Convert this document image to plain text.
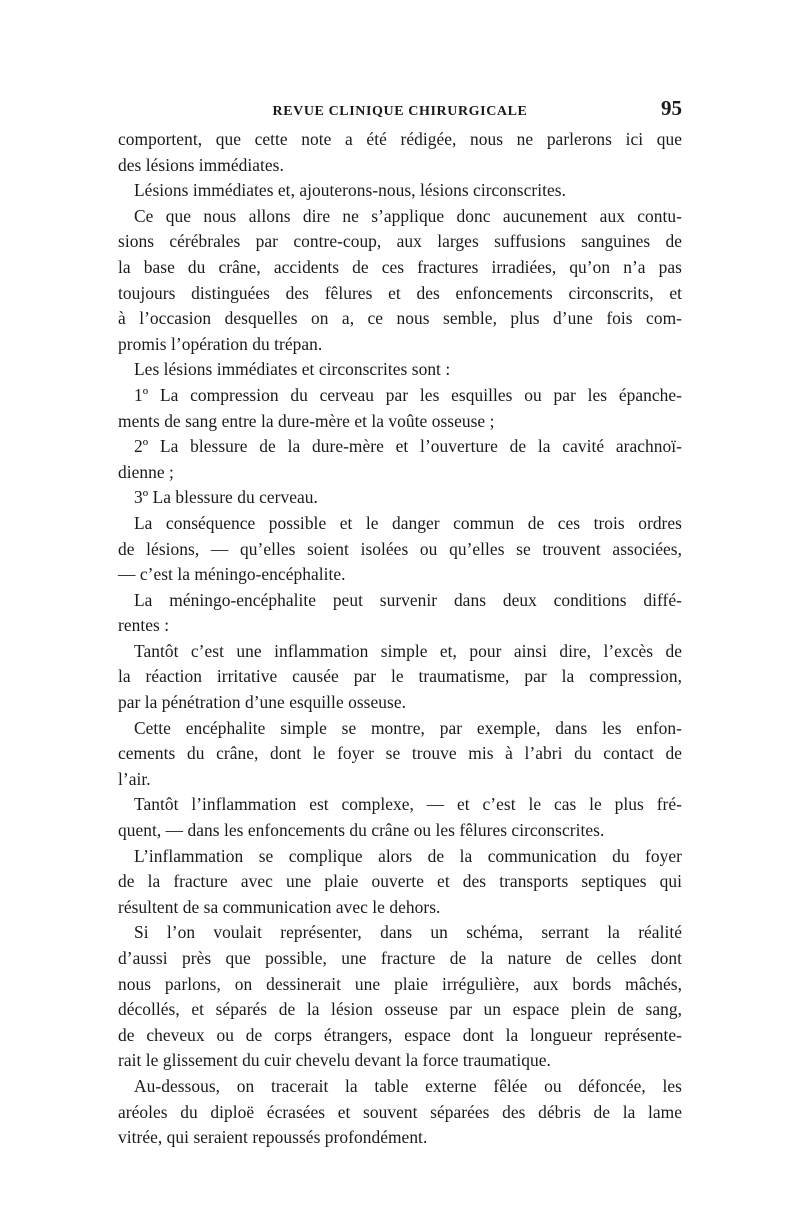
REVUE CLINIQUE CHIRURGICALE	95
comportent, que cette note a été rédigée, nous ne parlerons ici que
des lésions immédiates.
Lésions immédiates et, ajouterons-nous, lésions circonscrites.
Ce que nous allons dire ne s’applique donc aucunement aux contu-
sions cérébrales par contre-coup, aux larges suffusions sanguines de
la base du crâne, accidents de ces fractures irradiées, qu’on n’a pas
toujours distinguées des fêlures et des enfoncements circonscrits, et
à l’occasion desquelles on a, ce nous semble, plus d’une fois com-
promis l’opération du trépan.
Les lésions immédiates et circonscrites sont :
1º La compression du cerveau par les esquilles ou par les épanche-
ments de sang entre la dure-mère et la voûte osseuse ;
2º La blessure de la dure-mère et l’ouverture de la cavité arachnoï-
dienne ;
3º La blessure du cerveau.
La conséquence possible et le danger commun de ces trois ordres
de lésions, — qu’elles soient isolées ou qu’elles se trouvent associées,
— c’est la méningo-encéphalite.
La méningo-encéphalite peut survenir dans deux conditions diffé-
rentes :
Tantôt c’est une inflammation simple et, pour ainsi dire, l’excès de
la réaction irritative causée par le traumatisme, par la compression,
par la pénétration d’une esquille osseuse.
Cette encéphalite simple se montre, par exemple, dans les enfon-
cements du crâne, dont le foyer se trouve mis à l’abri du contact de
l’air.
Tantôt l’inflammation est complexe, — et c’est le cas le plus fré-
quent, — dans les enfoncements du crâne ou les fêlures circonscrites.
L’inflammation se complique alors de la communication du foyer
de la fracture avec une plaie ouverte et des transports septiques qui
résultent de sa communication avec le dehors.
Si l’on voulait représenter, dans un schéma, serrant la réalité
d’aussi près que possible, une fracture de la nature de celles dont
nous parlons, on dessinerait une plaie irrégulière, aux bords mâchés,
décollés, et séparés de la lésion osseuse par un espace plein de sang,
de cheveux ou de corps étrangers, espace dont la longueur représente-
rait le glissement du cuir chevelu devant la force traumatique.
Au-dessous, on tracerait la table externe fêlée ou défoncée, les
aréoles du diploë écrasées et souvent séparées des débris de la lame
vitrée, qui seraient repoussés profondément.
